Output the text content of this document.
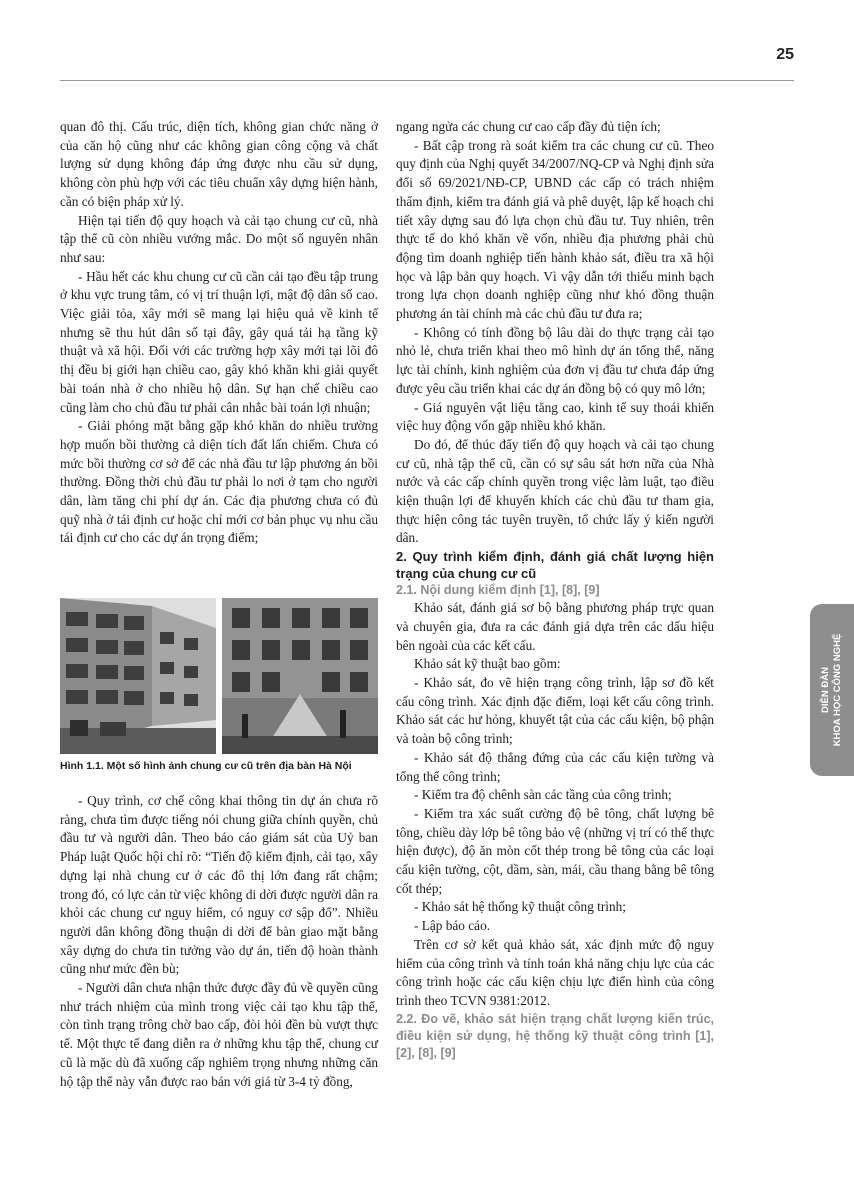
25

quan đô thị. Cấu trúc, diện tích, không gian chức năng ở của căn hộ cũng như các không gian công cộng và chất lượng sử dụng không đáp ứng được nhu cầu sử dụng, không còn phù hợp với các tiêu chuẩn xây dựng hiện hành, cần có biện pháp xử lý.

Hiện tại tiến độ quy hoạch và cải tạo chung cư cũ, nhà tập thể cũ còn nhiều vướng mắc. Do một số nguyên nhân như sau:

- Hầu hết các khu chung cư cũ cần cải tạo đều tập trung ở khu vực trung tâm, có vị trí thuận lợi, mật độ dân số cao. Việc giải tỏa, xây mới sẽ mang lại hiệu quả về kinh tế nhưng sẽ thu hút dân số tại đây, gây quá tải hạ tầng kỹ thuật và xã hội. Đối với các trường hợp xây mới tại lõi đô thị đều bị giới hạn chiều cao, gây khó khăn khi giải quyết bài toán nhà ở cho nhiều hộ dân. Sự hạn chế chiều cao cũng làm cho chủ đầu tư phải cân nhắc bài toán lợi nhuận;

- Giải phóng mặt bằng gặp khó khăn do nhiều trường hợp muốn bồi thường cả diện tích đất lấn chiếm. Chưa có mức bồi thường cơ sở để các nhà đầu tư lập phương án bồi thường. Đồng thời chủ đầu tư phải lo nơi ở tạm cho người dân, làm tăng chi phí dự án. Các địa phương chưa có đủ quỹ nhà ở tái định cư hoặc chỉ mới cơ bản phục vụ nhu cầu tái định cư cho các dự án trọng điểm;

Hình 1.1. Một số hình ảnh chung cư cũ trên địa bàn Hà Nội

- Quy trình, cơ chế công khai thông tin dự án chưa rõ ràng, chưa tìm được tiếng nói chung giữa chính quyền, chủ đầu tư và người dân. Theo báo cáo giám sát của Uỷ ban Pháp luật Quốc hội chỉ rõ: “Tiến độ kiểm định, cải tạo, xây dựng lại nhà chung cư ở các đô thị lớn đang rất chậm; trong đó, có lực cản từ việc không di dời được người dân ra khỏi các chung cư nguy hiểm, có nguy cơ sập đổ”. Nhiều người dân không đồng thuận di dời để bàn giao mặt bằng xây dựng do chưa tin tưởng vào dự án, tiến độ hoàn thành cũng như mức đền bù;

- Người dân chưa nhận thức được đầy đủ về quyền cũng như trách nhiệm của mình trong việc cải tạo khu tập thể, còn tình trạng trông chờ bao cấp, đòi hỏi đền bù vượt thực tế. Một thực tế đang diễn ra ở những khu tập thể, chung cư cũ là mặc dù đã xuống cấp nghiêm trọng nhưng những căn hộ tập thể này vẫn được rao bán với giá từ 3-4 tỷ đồng,

ngang ngửa các chung cư cao cấp đầy đủ tiện ích;

- Bất cập trong rà soát kiểm tra các chung cư cũ. Theo quy định của Nghị quyết 34/2007/NQ-CP và Nghị định sửa đổi số 69/2021/NĐ-CP, UBND các cấp có trách nhiệm thẩm định, kiểm tra đánh giá và phê duyệt, lập kế hoạch chi tiết xây dựng sau đó lựa chọn chủ đầu tư. Tuy nhiên, trên thực tế do khó khăn về vốn, nhiều địa phương phải chủ động tìm doanh nghiệp tiến hành khảo sát, điều tra xã hội học và lập bản quy hoạch. Vì vậy dẫn tới thiếu minh bạch trong lựa chọn doanh nghiệp cũng như khó đồng thuận phương án tài chính mà các chủ đầu tư đưa ra;

- Không có tính đồng bộ lâu dài do thực trạng cải tạo nhỏ lẻ, chưa triển khai theo mô hình dự án tổng thể, năng lực tài chính, kinh nghiệm của đơn vị đầu tư chưa đáp ứng được yêu cầu triển khai các dự án đồng bộ có quy mô lớn;

- Giá nguyên vật liệu tăng cao, kinh tế suy thoái khiến việc huy động vốn gặp nhiều khó khăn.

Do đó, để thúc đẩy tiến độ quy hoạch và cải tạo chung cư cũ, nhà tập thể cũ, cần có sự sâu sát hơn nữa của Nhà nước và các cấp chính quyền trong việc làm luật, tạo điều kiện thuận lợi để khuyến khích các chủ đầu tư tham gia, thực hiện công tác tuyên truyền, tổ chức lấy ý kiến người dân.

2. Quy trình kiểm định, đánh giá chất lượng hiện trạng của chung cư cũ
2.1. Nội dung kiểm định [1], [8], [9]

Khảo sát, đánh giá sơ bộ bằng phương pháp trực quan và chuyên gia, đưa ra các đánh giá dựa trên các dấu hiệu bên ngoài của các kết cấu.

Khảo sát kỹ thuật bao gồm:

- Khảo sát, đo vẽ hiện trạng công trình, lập sơ đồ kết cấu công trình. Xác định đặc điểm, loại kết cấu công trình. Khảo sát các hư hỏng, khuyết tật của các cấu kiện, bộ phận và toàn bộ công trình;

- Khảo sát độ thẳng đứng của các cấu kiện tường và tổng thể công trình;

- Kiểm tra độ chênh sàn các tầng của công trình;

- Kiểm tra xác suất cường độ bê tông, chất lượng bê tông, chiều dày lớp bê tông bảo vệ (những vị trí có thể thực hiện được), độ ăn mòn cốt thép trong bê tông của các loại cấu kiện tường, cột, dầm, sàn, mái, cầu thang bằng bê tông cốt thép;

- Khảo sát hệ thống kỹ thuật công trình;

- Lập báo cáo.

Trên cơ sở kết quả khảo sát, xác định mức độ nguy hiểm của công trình và tính toán khả năng chịu lực của các công trình hoặc các cấu kiện chịu lực điển hình của công trình theo TCVN 9381:2012.

2.2. Đo vẽ, khảo sát hiện trạng chất lượng kiến trúc, điều kiện sử dụng, hệ thống kỹ thuật công trình [1], [2], [8], [9]
DIỄN ĐÀN KHOA HỌC CÔNG NGHỆ
